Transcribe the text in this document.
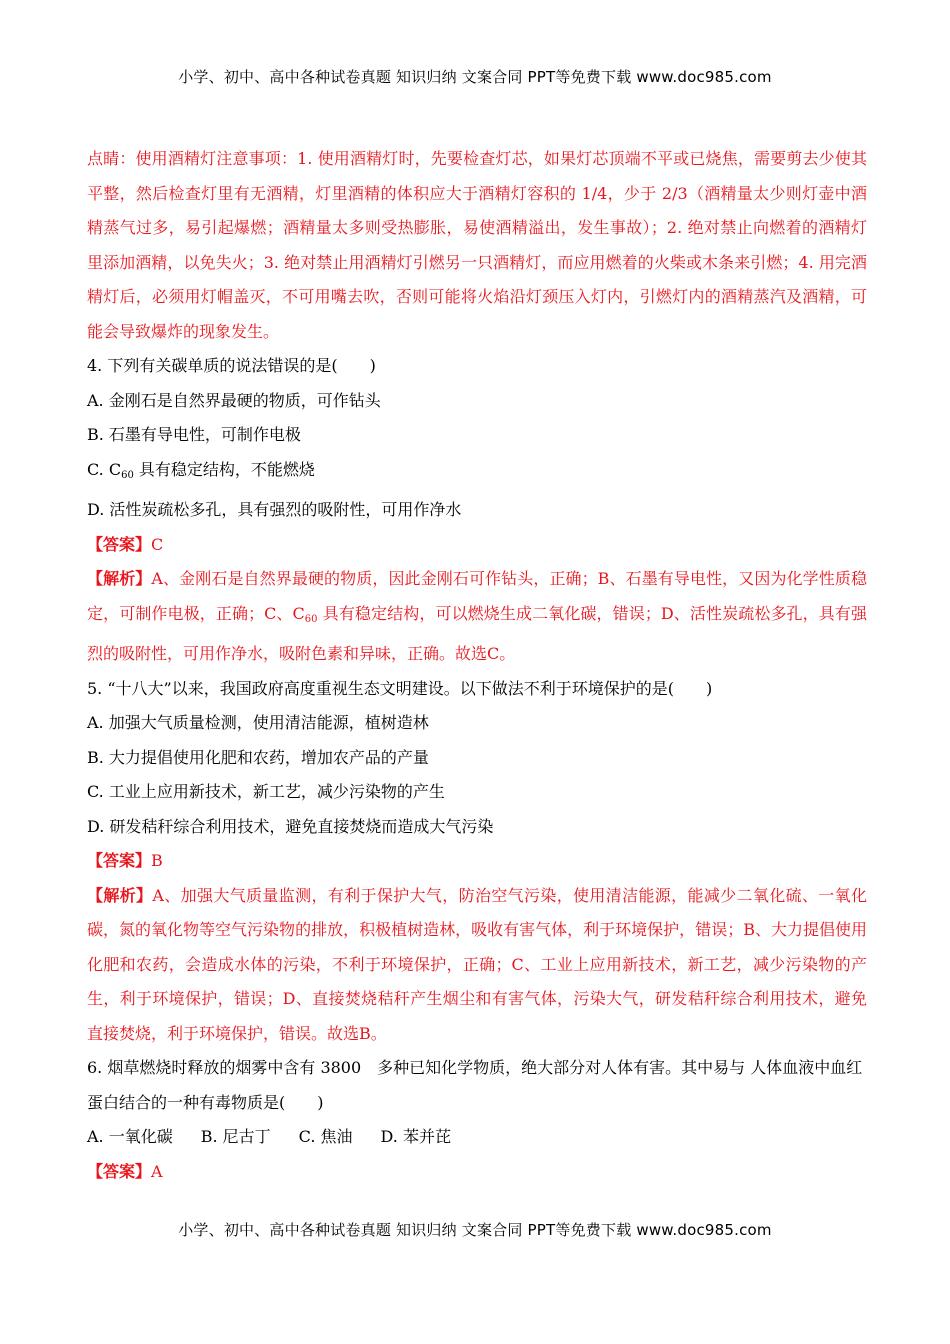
小学、初中、高中各种试卷真题 知识归纳 文案合同 PPT等免费下载 www.doc985.com

点睛：使用酒精灯注意事项：1. 使用酒精灯时，先要检查灯芯，如果灯芯顶端不平或已烧焦，需要剪去少使其平整，然后检查灯里有无酒精，灯里酒精的体积应大于酒精灯容积的 1/4，少于 2/3（酒精量太少则灯壶中酒精蒸气过多，易引起爆燃；酒精量太多则受热膨胀，易使酒精溢出，发生事故）；2. 绝对禁止向燃着的酒精灯里添加酒精，以免失火；3. 绝对禁止用酒精灯引燃另一只酒精灯，而应用燃着的火柴或木条来引燃；4. 用完酒精灯后，必须用灯帽盖灭，不可用嘴去吹，否则可能将火焰沿灯颈压入灯内，引燃灯内的酒精蒸汽及酒精，可能会导致爆炸的现象发生。

4. 下列有关碳单质的说法错误的是(　　)

A. 金刚石是自然界最硬的物质，可作钻头

B. 石墨有导电性，可制作电极

C. $C_{60}$ 具有稳定结构，不能燃烧

D. 活性炭疏松多孔，具有强烈的吸附性，可用作净水

【答案】C

【解析】A、金刚石是自然界最硬的物质，因此金刚石可作钻头，正确；B、石墨有导电性，又因为化学性质稳定，可制作电极，正确；C、$C_{60}$ 具有稳定结构，可以燃烧生成二氧化碳，错误；D、活性炭疏松多孔，具有强烈的吸附性，可用作净水，吸附色素和异味，正确。故选C。

5. “十八大”以来，我国政府高度重视生态文明建设。以下做法不利于环境保护的是(　　)

A. 加强大气质量检测，使用清洁能源，植树造林

B. 大力提倡使用化肥和农药，增加农产品的产量

C. 工业上应用新技术，新工艺，减少污染物的产生

D. 研发秸秆综合利用技术，避免直接焚烧而造成大气污染

【答案】B

【解析】A、加强大气质量监测，有利于保护大气，防治空气污染，使用清洁能源，能减少二氧化硫、一氧化碳，氮的氧化物等空气污染物的排放，积极植树造林，吸收有害气体，利于环境保护，错误；B、大力提倡使用化肥和农药，会造成水体的污染，不利于环境保护，正确；C、工业上应用新技术，新工艺，减少污染物的产生，利于环境保护，错误；D、直接焚烧秸秆产生烟尘和有害气体，污染大气，研发秸秆综合利用技术，避免直接焚烧，利于环境保护，错误。故选B。

6. 烟草燃烧时释放的烟雾中含有 3800　多种已知化学物质，绝大部分对人体有害。其中易与 人体血液中血红蛋白结合的一种有毒物质是(　　)

A. 一氧化碳 B. 尼古丁 C. 焦油 D. 苯并芘

【答案】A

小学、初中、高中各种试卷真题 知识归纳 文案合同 PPT等免费下载 www.doc985.com
